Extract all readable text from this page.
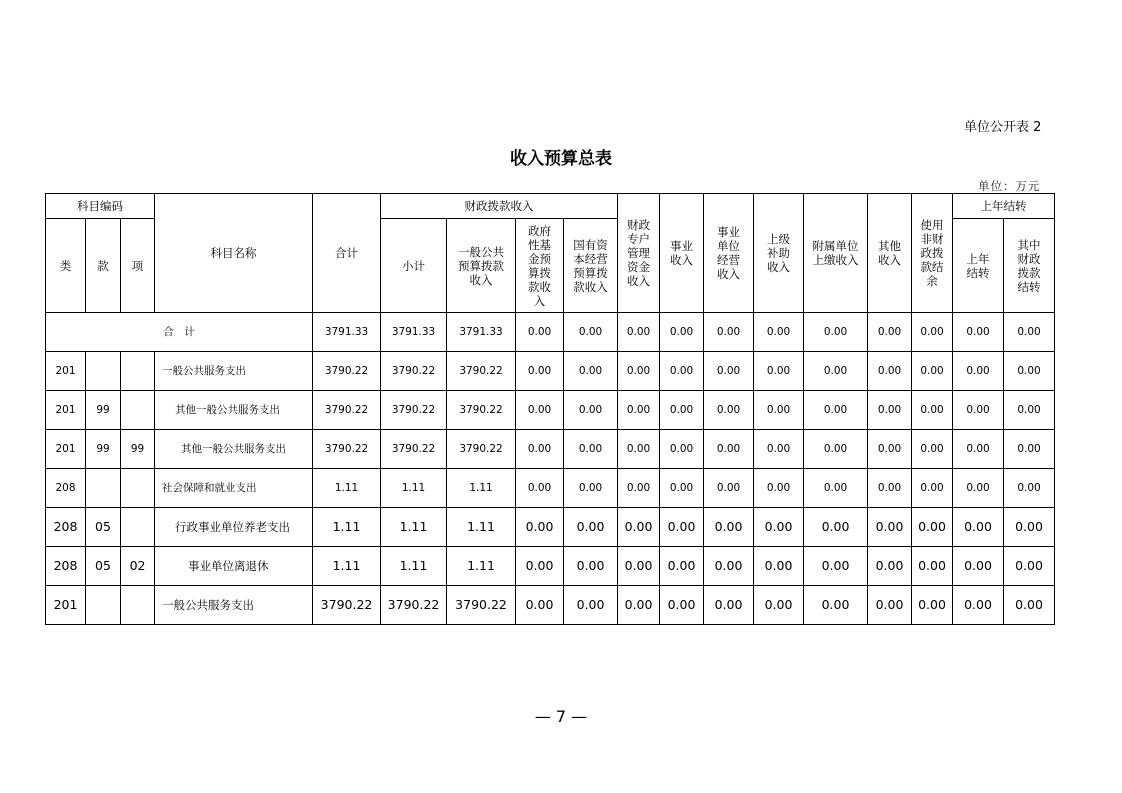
单位公开表 2
收入预算总表
单位：万元
科目编码			科目名称	合计	财政拨款收入				财政专户管理资金收入	事业收入	事业单位经营收入	上级补助收入	附属单位上缴收入	其他收入	使用非财政拨款结余	上年结转	
类	款	项			小计	一般公共预算拨款收入	政府性基金预算拨款收入	国有资本经营预算拨款收入								上年结转	其中财政拨款结转
合　计				3791.33	3791.33	3791.33	0.00	0.00	0.00	0.00	0.00	0.00	0.00	0.00	0.00	0.00	0.00
201			一般公共服务支出	3790.22	3790.22	3790.22	0.00	0.00	0.00	0.00	0.00	0.00	0.00	0.00	0.00	0.00	0.00
201	99		其他一般公共服务支出	3790.22	3790.22	3790.22	0.00	0.00	0.00	0.00	0.00	0.00	0.00	0.00	0.00	0.00	0.00
201	99	99	其他一般公共服务支出	3790.22	3790.22	3790.22	0.00	0.00	0.00	0.00	0.00	0.00	0.00	0.00	0.00	0.00	0.00
208			社会保障和就业支出	1.11	1.11	1.11	0.00	0.00	0.00	0.00	0.00	0.00	0.00	0.00	0.00	0.00	0.00
208	05		行政事业单位养老支出	1.11	1.11	1.11	0.00	0.00	0.00	0.00	0.00	0.00	0.00	0.00	0.00	0.00	0.00
208	05	02	事业单位离退休	1.11	1.11	1.11	0.00	0.00	0.00	0.00	0.00	0.00	0.00	0.00	0.00	0.00	0.00
201			一般公共服务支出	3790.22	3790.22	3790.22	0.00	0.00	0.00	0.00	0.00	0.00	0.00	0.00	0.00	0.00	0.00
— 7 —
